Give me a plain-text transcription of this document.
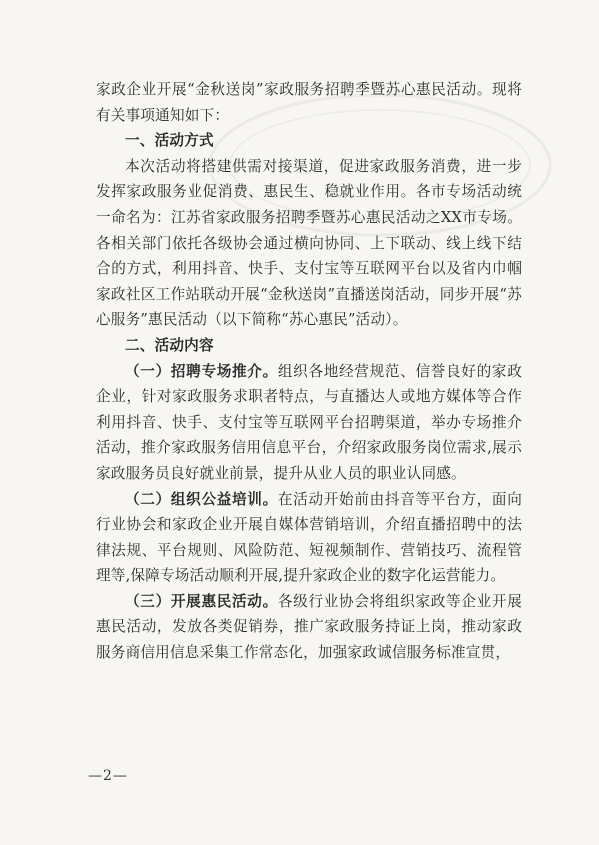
家政企业开展“金秋送岗”家政服务招聘季暨苏心惠民活动。现将有关事项通知如下：

一、活动方式

本次活动将搭建供需对接渠道，促进家政服务消费，进一步发挥家政服务业促消费、惠民生、稳就业作用。各市专场活动统一命名为：江苏省家政服务招聘季暨苏心惠民活动之XX市专场。各相关部门依托各级协会通过横向协同、上下联动、线上线下结合的方式，利用抖音、快手、支付宝等互联网平台以及省内巾帼家政社区工作站联动开展“金秋送岗”直播送岗活动，同步开展“苏心服务”惠民活动（以下简称“苏心惠民”活动）。

二、活动内容

（一）招聘专场推介。组织各地经营规范、信誉良好的家政企业，针对家政服务求职者特点，与直播达人或地方媒体等合作利用抖音、快手、支付宝等互联网平台招聘渠道，举办专场推介活动，推介家政服务信用信息平台，介绍家政服务岗位需求,展示家政服务员良好就业前景，提升从业人员的职业认同感。

（二）组织公益培训。在活动开始前由抖音等平台方，面向行业协会和家政企业开展自媒体营销培训，介绍直播招聘中的法律法规、平台规则、风险防范、短视频制作、营销技巧、流程管理等,保障专场活动顺利开展,提升家政企业的数字化运营能力。

（三）开展惠民活动。各级行业协会将组织家政等企业开展惠民活动，发放各类促销券，推广家政服务持证上岗，推动家政服务商信用信息采集工作常态化，加强家政诚信服务标准宣贯，

—2—
